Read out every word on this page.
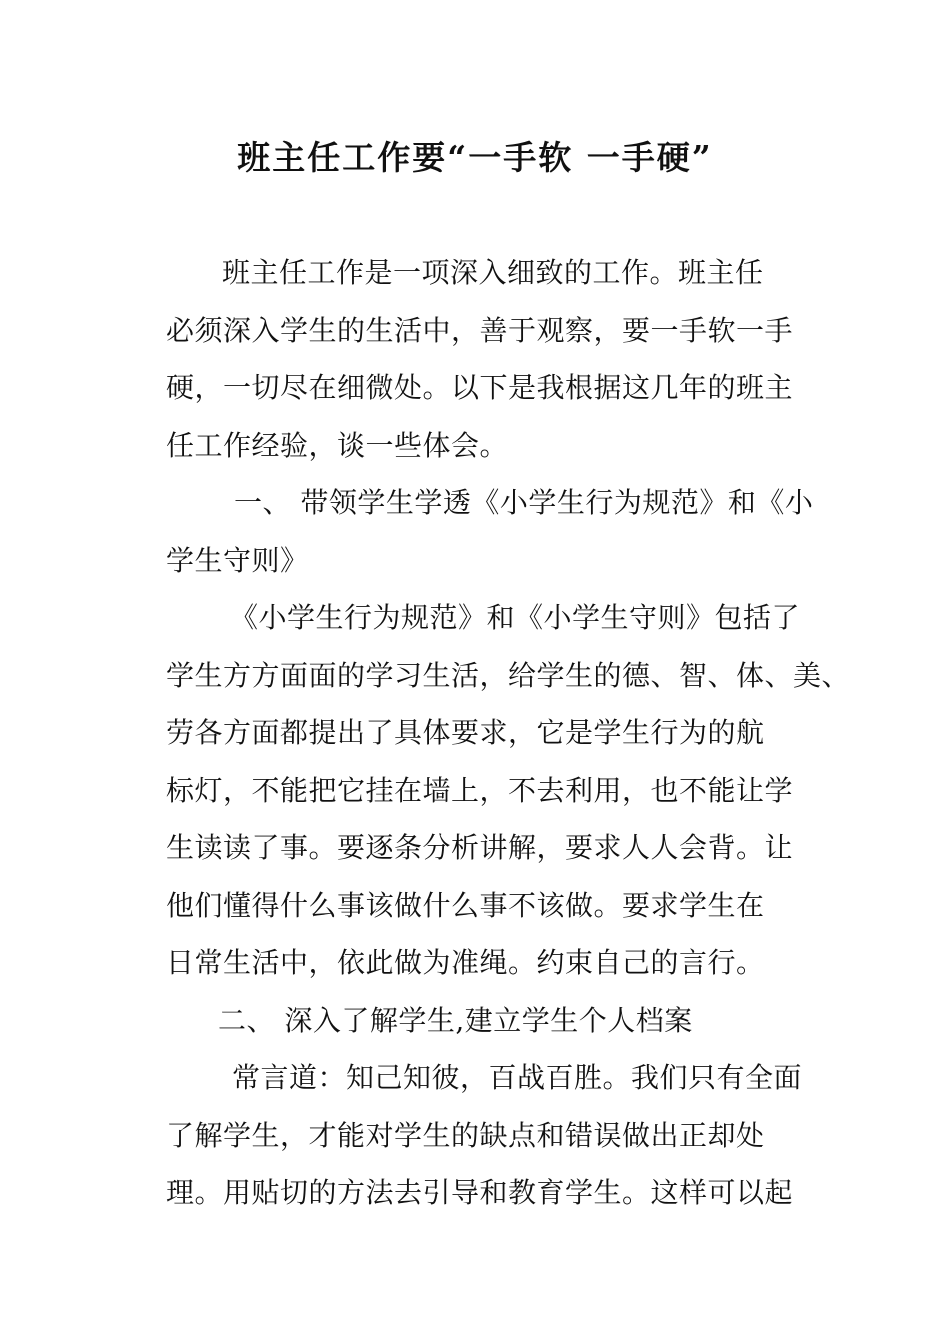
班主任工作要“一手软 一手硬”
班主任工作是一项深入细致的工作。班主任
必须深入学生的生活中，善于观察，要一手软一手
硬，一切尽在细微处。以下是我根据这几年的班主
任工作经验，谈一些体会。
一、 带领学生学透《小学生行为规范》和《小
学生守则》
《小学生行为规范》和《小学生守则》包括了
学生方方面面的学习生活，给学生的德、智、体、美、
劳各方面都提出了具体要求，它是学生行为的航
标灯，不能把它挂在墙上，不去利用，也不能让学
生读读了事。要逐条分析讲解，要求人人会背。让
他们懂得什么事该做什么事不该做。要求学生在
日常生活中，依此做为准绳。约束自己的言行。
二、 深入了解学生,建立学生个人档案
常言道：知己知彼，百战百胜。我们只有全面
了解学生，才能对学生的缺点和错误做出正却处
理。用贴切的方法去引导和教育学生。这样可以起
